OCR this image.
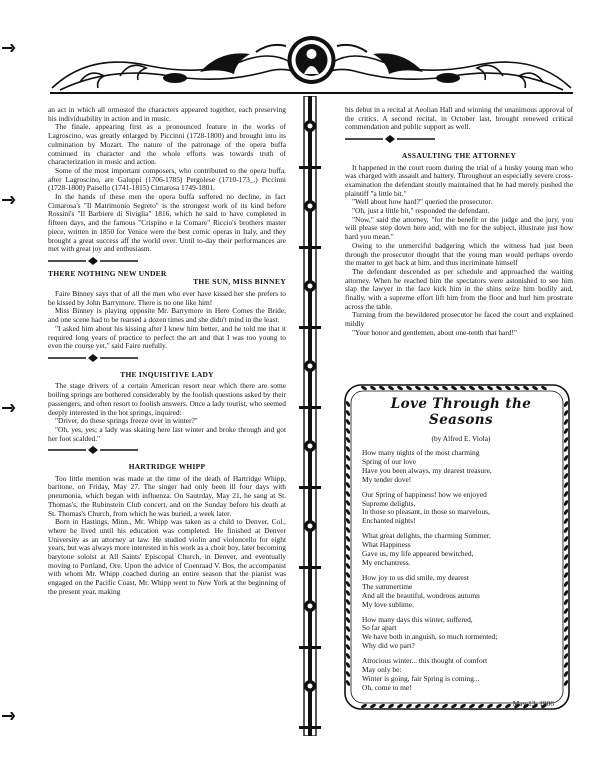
an act in which all ormostof the characters appeared together, each preserving his individuability in action and in music.

The finale, appearing first as a pronounced feature in the works of Lagroscino, was greatly enlarged by Piccinni (1728-1800) and brought into its culmination by Mozart. The nature of the patronage of the opera buffa cotninued its character and the whole efforts was towards truth of characterization in music and action.

Some of the most important composers, who contributed to the opera buffa, after Lagroscino, are Galuppi (1706-1785) Pergolese (1710-173_.) Piccinni (1728-1800) Paisello (1741-1815) Cimarosa 1749-1801.

In the hands of these men the opera buffa suffered no decline, in fact Cimarosa's "Il Matrimonio Segreto" is the strongest work of its kind before Rossini's "Il Barbiere di Siviglia" 1816, which he said to have completed in fifteen days, and the famous "Crispino e la Comare" Riccio's brothers master piece, written in 1850 for Venice were the best comic operas in Italy, and they brought a great success aff the world over. Until to-day their performances are met with great joy and enthusiasm.

THERE NOTHING NEW UNDER
THE SUN, MISS BINNEY

Faire Binney says that of all the men who ever have kissed her she prefers to be kissed by John Barrymore. There is no one like him!

Miss Binney is playing opposite Mr. Barrymore in Here Comes the Bride, and one scene had to be rearsed a dozen times and she didn't mind in the least.

"I asked him about his kissing after I knew him better, and he told me that it required long years of practice to perfect the art and that I was too young to even the course yet," said Faire ruefully.

THE INQUISITIVE LADY

The stage drivers of a certain American resort near which there are some boiling springs are bothered considerably by the foolish questions asked by their passengers, and often resort to foolish answers. Once a lady tourist, who seemed deeply interested in the hot springs, inquired:

"Driver, do these springs freeze over in winter?"

"Oh, yes, yes; a lady was skating here last winter and broke through and got her foot scalded."

HARTRIDGE WHIPP

Too little mention was made at the time of the death of Hartridge Whipp, baritone, on Friday, May 27. The singer had only been ill four days with pneumonia, which began with influenza. On Sautrday, May 21, he sang at St. Thomas's, the Rubinstein Club concert, and on the Sunday before his death at St. Thomas's Church, from which he was buried, a week later.

Born in Hastings, Minn., Mr. Whipp was taken as a child to Denver, Col., where he lived until his education was completed. He finished at Denver University as an attorney at law. He studied violin and violoncello for eight years, but was always more interested in his work as a choir boy, later becoming barytone soloist at All Saints' Episcopal Church, in Denver, and eventually moving to Portland, Ore. Upon the advice of Coenraad V. Bos, the accompanist with whom Mr. Whipp coached during an entire season that the pianist was engaged on the Pacific Coast, Mr. Whipp went to New York at the beginning of the present year, making

his debut in a recital at Aeolian Hall and winning the unanimous approval of the critics. A second recital, in October last, brought renewed critical commendation and public support as well.

ASSAULTING THE ATTORNEY

It happened in the court room during the trial of a husky young man who was charged with assault and battery. Throughout an especially severe cross-examination the defendant stoutly maintained that he had merely pushed the plaintiff "a little bit."

"Well about how hard?" queried the prosecutor.

"Oh, just a little bit," responded the defendant.

"Now," said the attorney, "for the benefit or the judge and the jury, you will please step down here and, with me for the subject, illustrate just how hard you mean."

Owing to the unmerciful badgering which the witness had just been through the prosecutor thought that the young man would perhaps overdo the matter to get back at him, and thus incriminate himself

The defendant descended as per schedule and approached the waiting attorney. When he reached him the spectators were astonished to see him slap the lawyer in the face kick him in the shins seize him bodily and, finally, with a supreme effort lift him from the floor and hurl him prostrate across the table.

Turning from the bewildered prosecutor he faced the court and explained mildly

"Your honor and gentlemen, about one-tenth that hard!"

Love Through the Seasons
(by Alfred E. Viola)
How many nights of the most charming
Spring of our love
Have you been always, my dearest treasure,
My tender dove!
Our Spring of happiness! how we enjoyed
Supreme delights,
In those so pleasant, in those so marvelous,
Enchanted nights!
What great delights, the charming Summer,
What Happiness
Gave us, my life appeared bewitched,
My enchantress.
How joy to us did smile, my dearest
The summertime
And all the beautiful, wondrous autumn
My love sublime.
How many days this winter, suffered,
So far apart
We have both in anguish, so much tormented;
Why did we part?
Atrocious winter... this thought of comfort
May only be:
Winter is going, fair Spring is coming...
Oh, come to me!
May 13, 1906
